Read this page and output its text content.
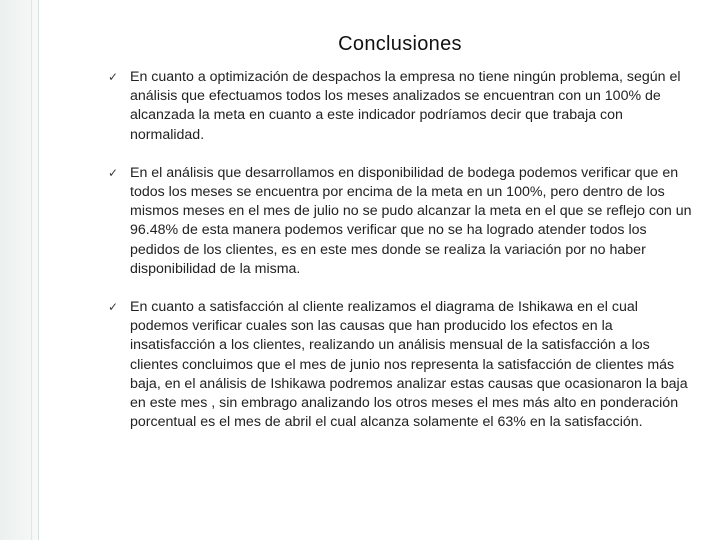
Conclusiones
✓ En cuanto a optimización de despachos la empresa no tiene ningún problema, según el análisis que efectuamos todos los meses analizados se encuentran con un 100% de alcanzada la meta en cuanto a este indicador podríamos decir que trabaja con normalidad.
✓ En el análisis que desarrollamos en disponibilidad de bodega podemos verificar que en todos los meses se encuentra por encima de la meta en un 100%, pero dentro de los mismos meses en el mes de julio no se pudo alcanzar la meta en el que se reflejo con un 96.48% de esta manera podemos verificar que no se ha logrado atender todos los pedidos de los clientes, es en este mes donde se realiza la variación por no haber disponibilidad de la misma.
✓ En cuanto a satisfacción al cliente realizamos el diagrama de Ishikawa en el cual podemos verificar cuales son las causas que han producido los efectos en la insatisfacción a los clientes, realizando un análisis mensual de la satisfacción a los clientes concluimos que el mes de junio nos representa la satisfacción de clientes más baja, en el análisis de Ishikawa podremos analizar estas causas que ocasionaron la baja en este mes , sin embrago analizando los otros meses el mes más alto en ponderación porcentual es el mes de abril el cual alcanza solamente el 63% en la satisfacción.
